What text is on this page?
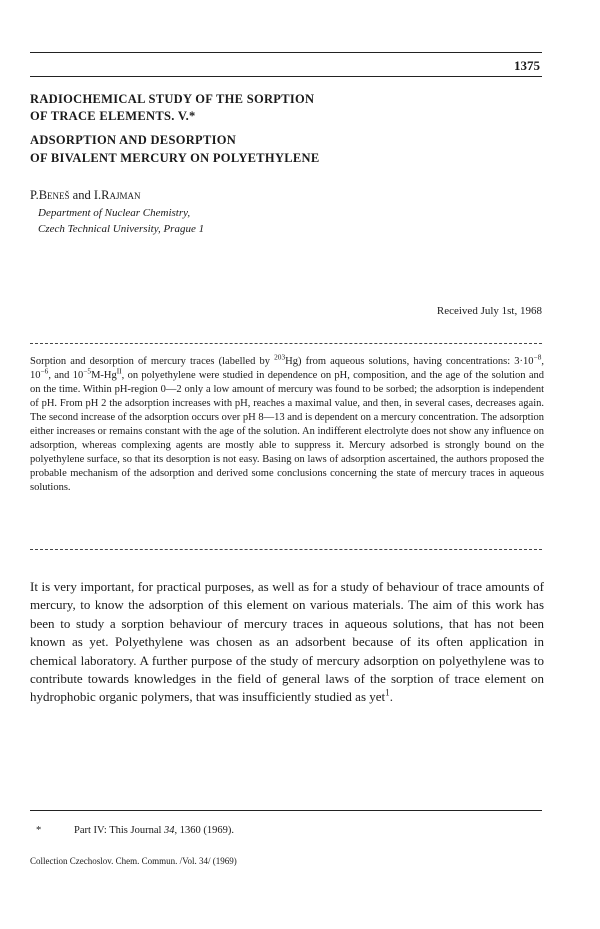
1375
RADIOCHEMICAL STUDY OF THE SORPTION
OF TRACE ELEMENTS. V.*
ADSORPTION AND DESORPTION
OF BIVALENT MERCURY ON POLYETHYLENE
P.Beneš and I.Rajman
Department of Nuclear Chemistry,
Czech Technical University, Prague 1
Received July 1st, 1968
Sorption and desorption of mercury traces (labelled by $^{203}$Hg) from aqueous solutions, having concentrations: $3\cdot 10^{-8}$, $10^{-6}$, and $10^{-5}M-Hg^{II}$, on polyethylene were studied in dependence on pH, composition, and the age of the solution and on the time. Within pH-region 0—2 only a low amount of mercury was found to be sorbed; the adsorption is independent of pH. From pH 2 the adsorption increases with pH, reaches a maximal value, and then, in several cases, decreases again. The second increase of the adsorption occurs over pH 8—13 and is dependent on a mercury concentration. The adsorption either increases or remains constant with the age of the solution. An indifferent electrolyte does not show any influence on adsorption, whereas complexing agents are mostly able to suppress it. Mercury adsorbed is strongly bound on the polyethylene surface, so that its desorption is not easy. Basing on laws of adsorption ascertained, the authors proposed the probable mechanism of the adsorption and derived some conclusions concerning the state of mercury traces in aqueous solutions.
It is very important, for practical purposes, as well as for a study of behaviour of trace amounts of mercury, to know the adsorption of this element on various materials. The aim of this work has been to study a sorption behaviour of mercury traces in aqueous solutions, that has not been known as yet. Polyethylene was chosen as an adsorbent because of its often application in chemical laboratory. A further purpose of the study of mercury adsorption on polyethylene was to contribute towards knowledges in the field of general laws of the sorption of trace element on hydrophobic organic polymers, that was insufficiently studied as yet$^1$.
*	Part IV: This Journal 34, 1360 (1969).
Collection Czechoslov. Chem. Commun. /Vol. 34/ (1969)
